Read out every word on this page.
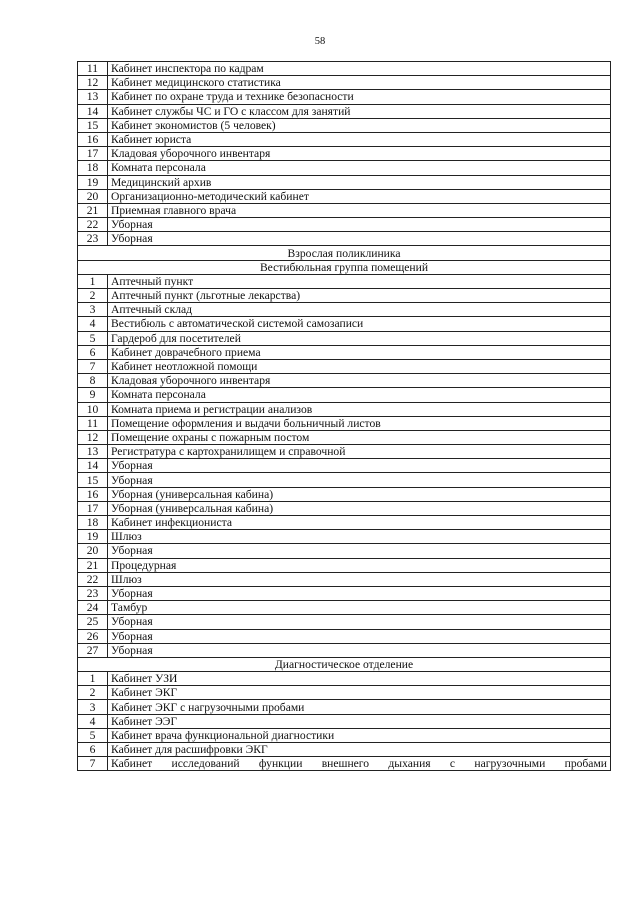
58
11	Кабинет инспектора по кадрам
12	Кабинет медицинского статистика
13	Кабинет по охране труда и технике безопасности
14	Кабинет службы ЧС и ГО с классом для занятий
15	Кабинет экономистов (5 человек)
16	Кабинет юриста
17	Кладовая уборочного инвентаря
18	Комната персонала
19	Медицинский архив
20	Организационно-методический кабинет
21	Приемная главного врача
22	Уборная
23	Уборная
Взрослая поликлиника	
Вестибюльная группа помещений	
1	Аптечный пункт
2	Аптечный пункт (льготные лекарства)
3	Аптечный склад
4	Вестибюль с автоматической системой самозаписи
5	Гардероб для посетителей
6	Кабинет доврачебного приема
7	Кабинет неотложной помощи
8	Кладовая уборочного инвентаря
9	Комната персонала
10	Комната приема и регистрации анализов
11	Помещение оформления и выдачи больничный листов
12	Помещение охраны с пожарным постом
13	Регистратура с картохранилищем и справочной
14	Уборная
15	Уборная
16	Уборная (универсальная кабина)
17	Уборная (универсальная кабина)
18	Кабинет инфекциониста
19	Шлюз
20	Уборная
21	Процедурная
22	Шлюз
23	Уборная
24	Тамбур
25	Уборная
26	Уборная
27	Уборная
Диагностическое отделение	
1	Кабинет УЗИ
2	Кабинет ЭКГ
3	Кабинет ЭКГ с нагрузочными пробами
4	Кабинет ЭЭГ
5	Кабинет врача функциональной диагностики
6	Кабинет для расшифровки ЭКГ
7	Кабинет исследований функции внешнего дыхания с нагрузочными пробами
